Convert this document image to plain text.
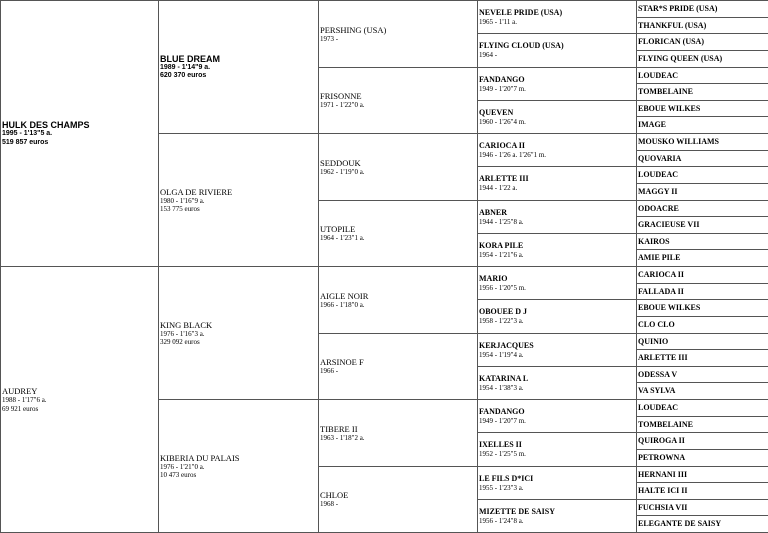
HULK DES CHAMPS
1995 - 1'13"5 a.
519 857 euros
AUDREY
1988 - 1'17"6 a.
69 921 euros
BLUE DREAM
1989 - 1'14"9 a.
620 370 euros
OLGA DE RIVIERE
1980 - 1'16"9 a.
153 775 euros
KING BLACK
1976 - 1'16"3 a.
329 092 euros
KIBERIA DU PALAIS
1976 - 1'21"0 a.
10 473 euros
PERSHING (USA)
1973 -
FRISONNE
1971 - 1'22"0 a.
SEDDOUK
1962 - 1'19"0 a.
UTOPILE
1964 - 1'23"1 a.
AIGLE NOIR
1966 - 1'18"0 a.
ARSINOE F
1966 -
TIBERE II
1963 - 1'18"2 a.
CHLOE
1968 -
NEVELE PRIDE (USA)
1965 - 1'11 a.
FLYING CLOUD (USA)
1964 -
FANDANGO
1949 - 1'20"7 m.
QUEVEN
1960 - 1'26"4 m.
CARIOCA II
1946 - 1'26 a. 1'26"1 m.
ARLETTE III
1944 - 1'22 a.
ABNER
1944 - 1'25"8 a.
KORA PILE
1954 - 1'21"6 a.
MARIO
1956 - 1'20"5 m.
OBOUEE D J
1958 - 1'22"3 a.
KERJACQUES
1954 - 1'19"4 a.
KATARINA L
1954 - 1'38"3 a.
FANDANGO
1949 - 1'20"7 m.
IXELLES II
1952 - 1'25"5 m.
LE FILS D*ICI
1955 - 1'23"3 a.
MIZETTE DE SAISY
1956 - 1'24"8 a.
STAR*S PRIDE (USA)
THANKFUL (USA)
FLORICAN (USA)
FLYING QUEEN (USA)
LOUDEAC
TOMBELAINE
EBOUE WILKES
IMAGE
MOUSKO WILLIAMS
QUOVARIA
LOUDEAC
MAGGY II
ODOACRE
GRACIEUSE VII
KAIROS
AMIE PILE
CARIOCA II
FALLADA II
EBOUE WILKES
CLO CLO
QUINIO
ARLETTE III
ODESSA V
VA SYLVA
LOUDEAC
TOMBELAINE
QUIROGA II
PETROWNA
HERNANI III
HALTE ICI II
FUCHSIA VII
ELEGANTE DE SAISY
